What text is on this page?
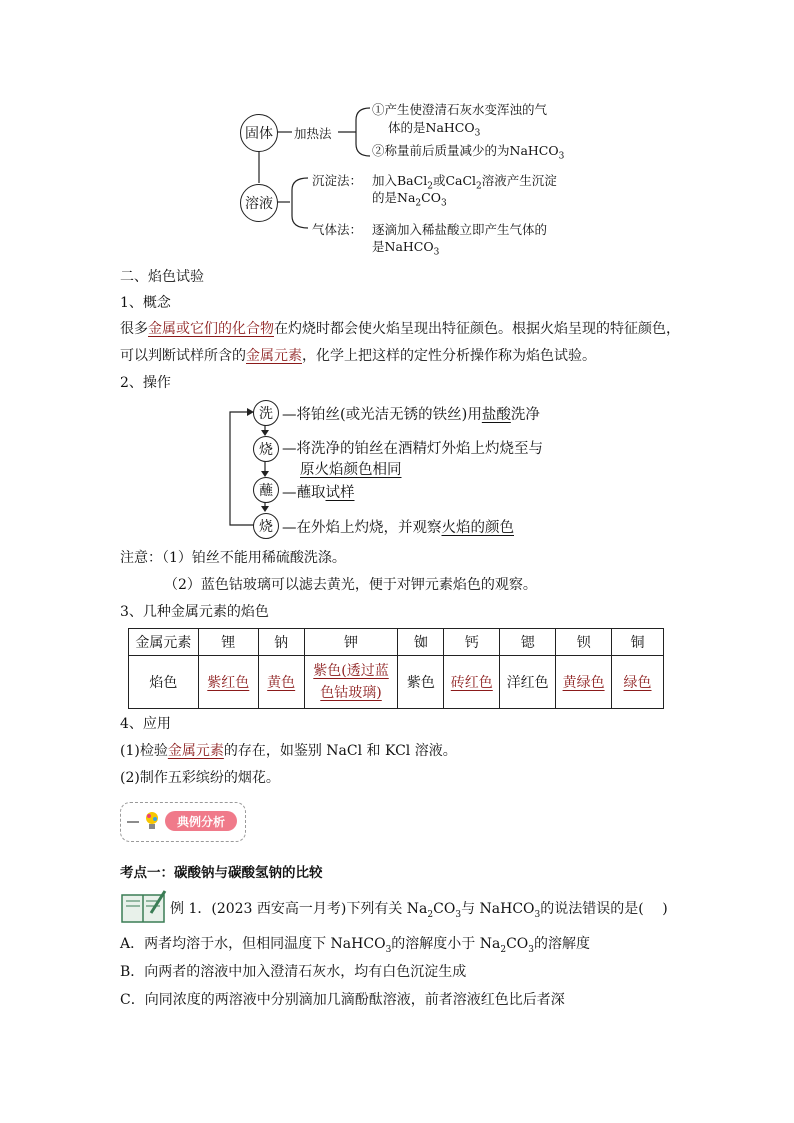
固体
溶液
加热法
①产生使澄清石灰水变浑浊的气
体的是NaHCO$_3$
②称量前后质量减少的为NaHCO$_3$
沉淀法： 加入BaCl$_2$或CaCl$_2$溶液产生沉淀
的是$Na_2CO_3$
气体法： 逐滴加入稀盐酸立即产生气体的
是NaHCO$_3$
二、焰色试验
1、概念
很多金属或它们的化合物在灼烧时都会使火焰呈现出特征颜色。根据火焰呈现的特征颜色，
可以判断试样所含的金属元素，化学上把这样的定性分析操作称为焰色试验。
2、操作
洗 —将铂丝(或光洁无锈的铁丝)用盐酸洗净
烧 —将洗净的铂丝在酒精灯外焰上灼烧至与
原火焰颜色相同
蘸 —蘸取试样
烧 —在外焰上灼烧，并观察火焰的颜色
注意：（1）铂丝不能用稀硫酸洗涤。
（2）蓝色钴玻璃可以滤去黄光，便于对钾元素焰色的观察。
3、几种金属元素的焰色
金属元素	锂	钠	钾	铷	钙	锶	钡	铜
焰色	紫红色	黄色	紫色(透过蓝
色钴玻璃)	紫色	砖红色	洋红色	黄绿色	绿色
4、应用
(1)检验金属元素的存在，如鉴别 NaCl 和 KCl 溶液。
(2)制作五彩缤纷的烟花。
典例分析
考点一：碳酸钠与碳酸氢钠的比较
例 1．(2023 西安高一月考)下列有关 $Na_2CO_3$与 NaHCO$_3$的说法错误的是(　 )
A．两者均溶于水，但相同温度下 NaHCO$_3$的溶解度小于 $Na_2CO_3$的溶解度
B．向两者的溶液中加入澄清石灰水，均有白色沉淀生成
C．向同浓度的两溶液中分别滴加几滴酚酞溶液，前者溶液红色比后者深
